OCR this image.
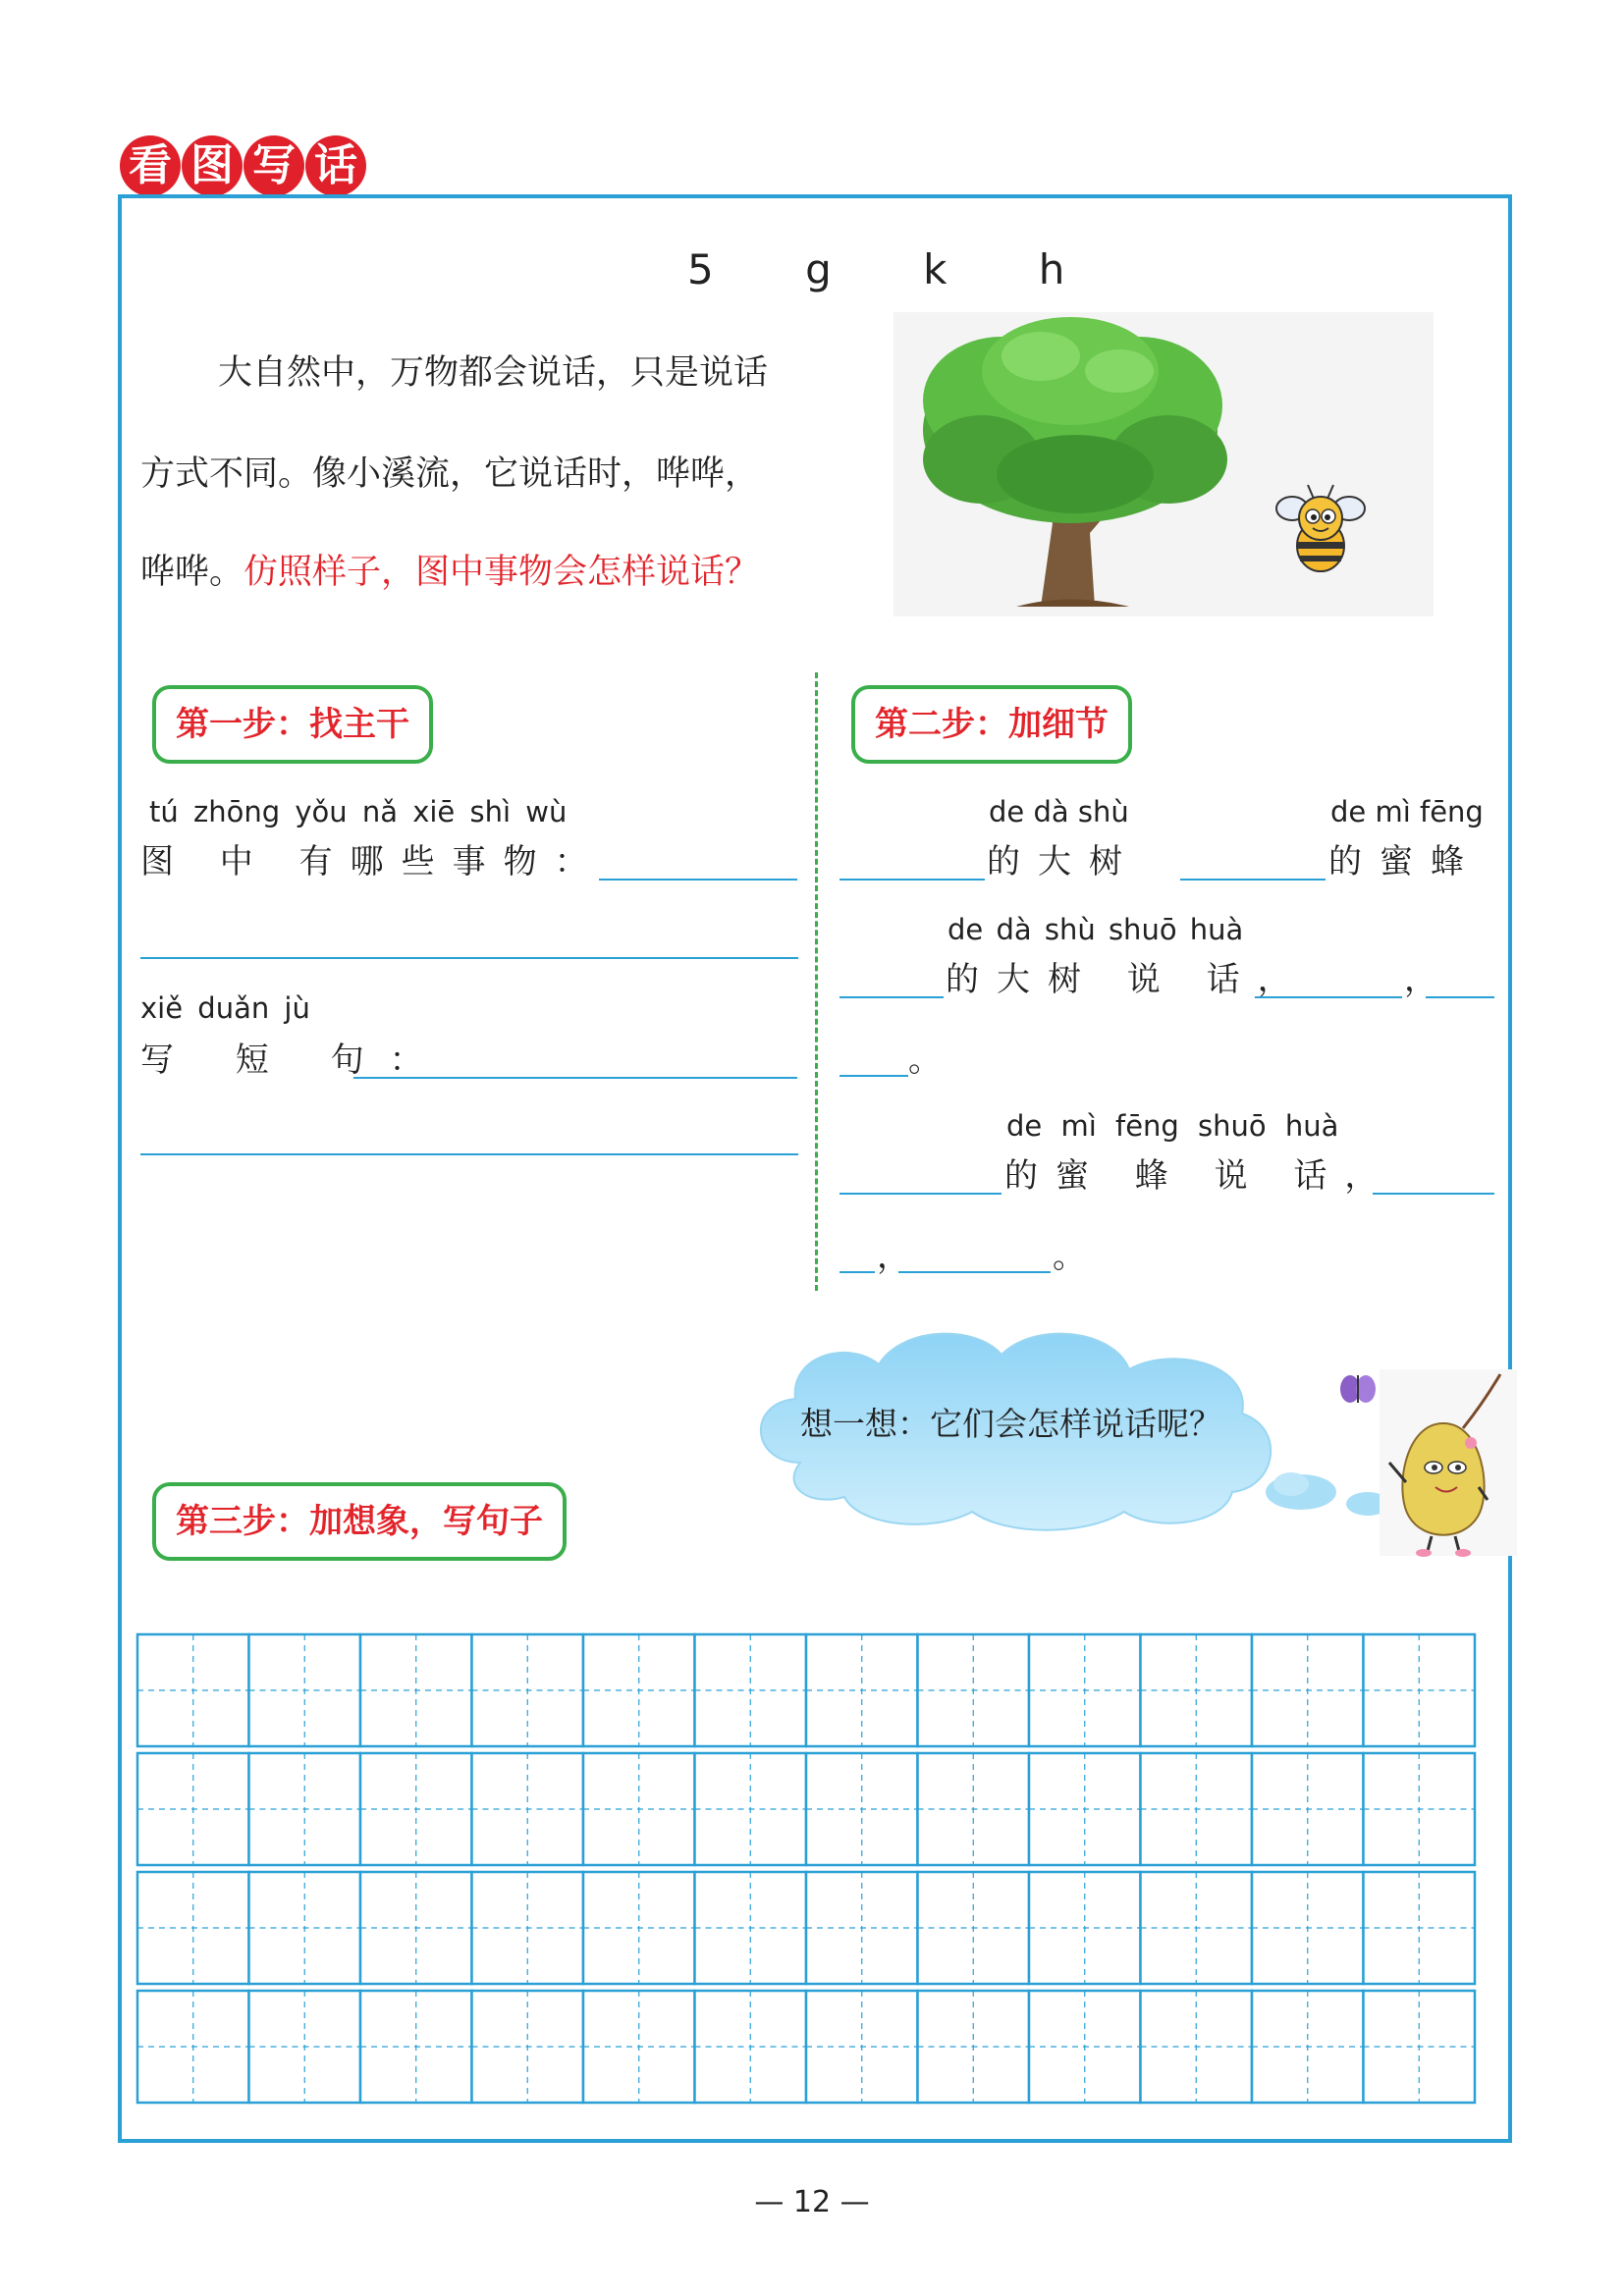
看 图 写 话
5 g k h
大自然中，万物都会说话，只是说话
方式不同。像小溪流，它说话时，哗哗，
哗哗。仿照样子，图中事物会怎样说话？
第一步：找主干
tú zhōng yǒu nǎ xiē shì wù
图 中 有哪些事物：
xiě duǎn jù
写 短 句：
第二步：加细节
de dà shù	de mì fēng
的大树	的蜜蜂
de dà shù shuō huà
的大树 说 话，	，
。
de mì fēng shuō huà
的蜜 蜂 说 话，
，	。
想一想：它们会怎样说话呢？
第三步：加想象，写句子
— 12 —
